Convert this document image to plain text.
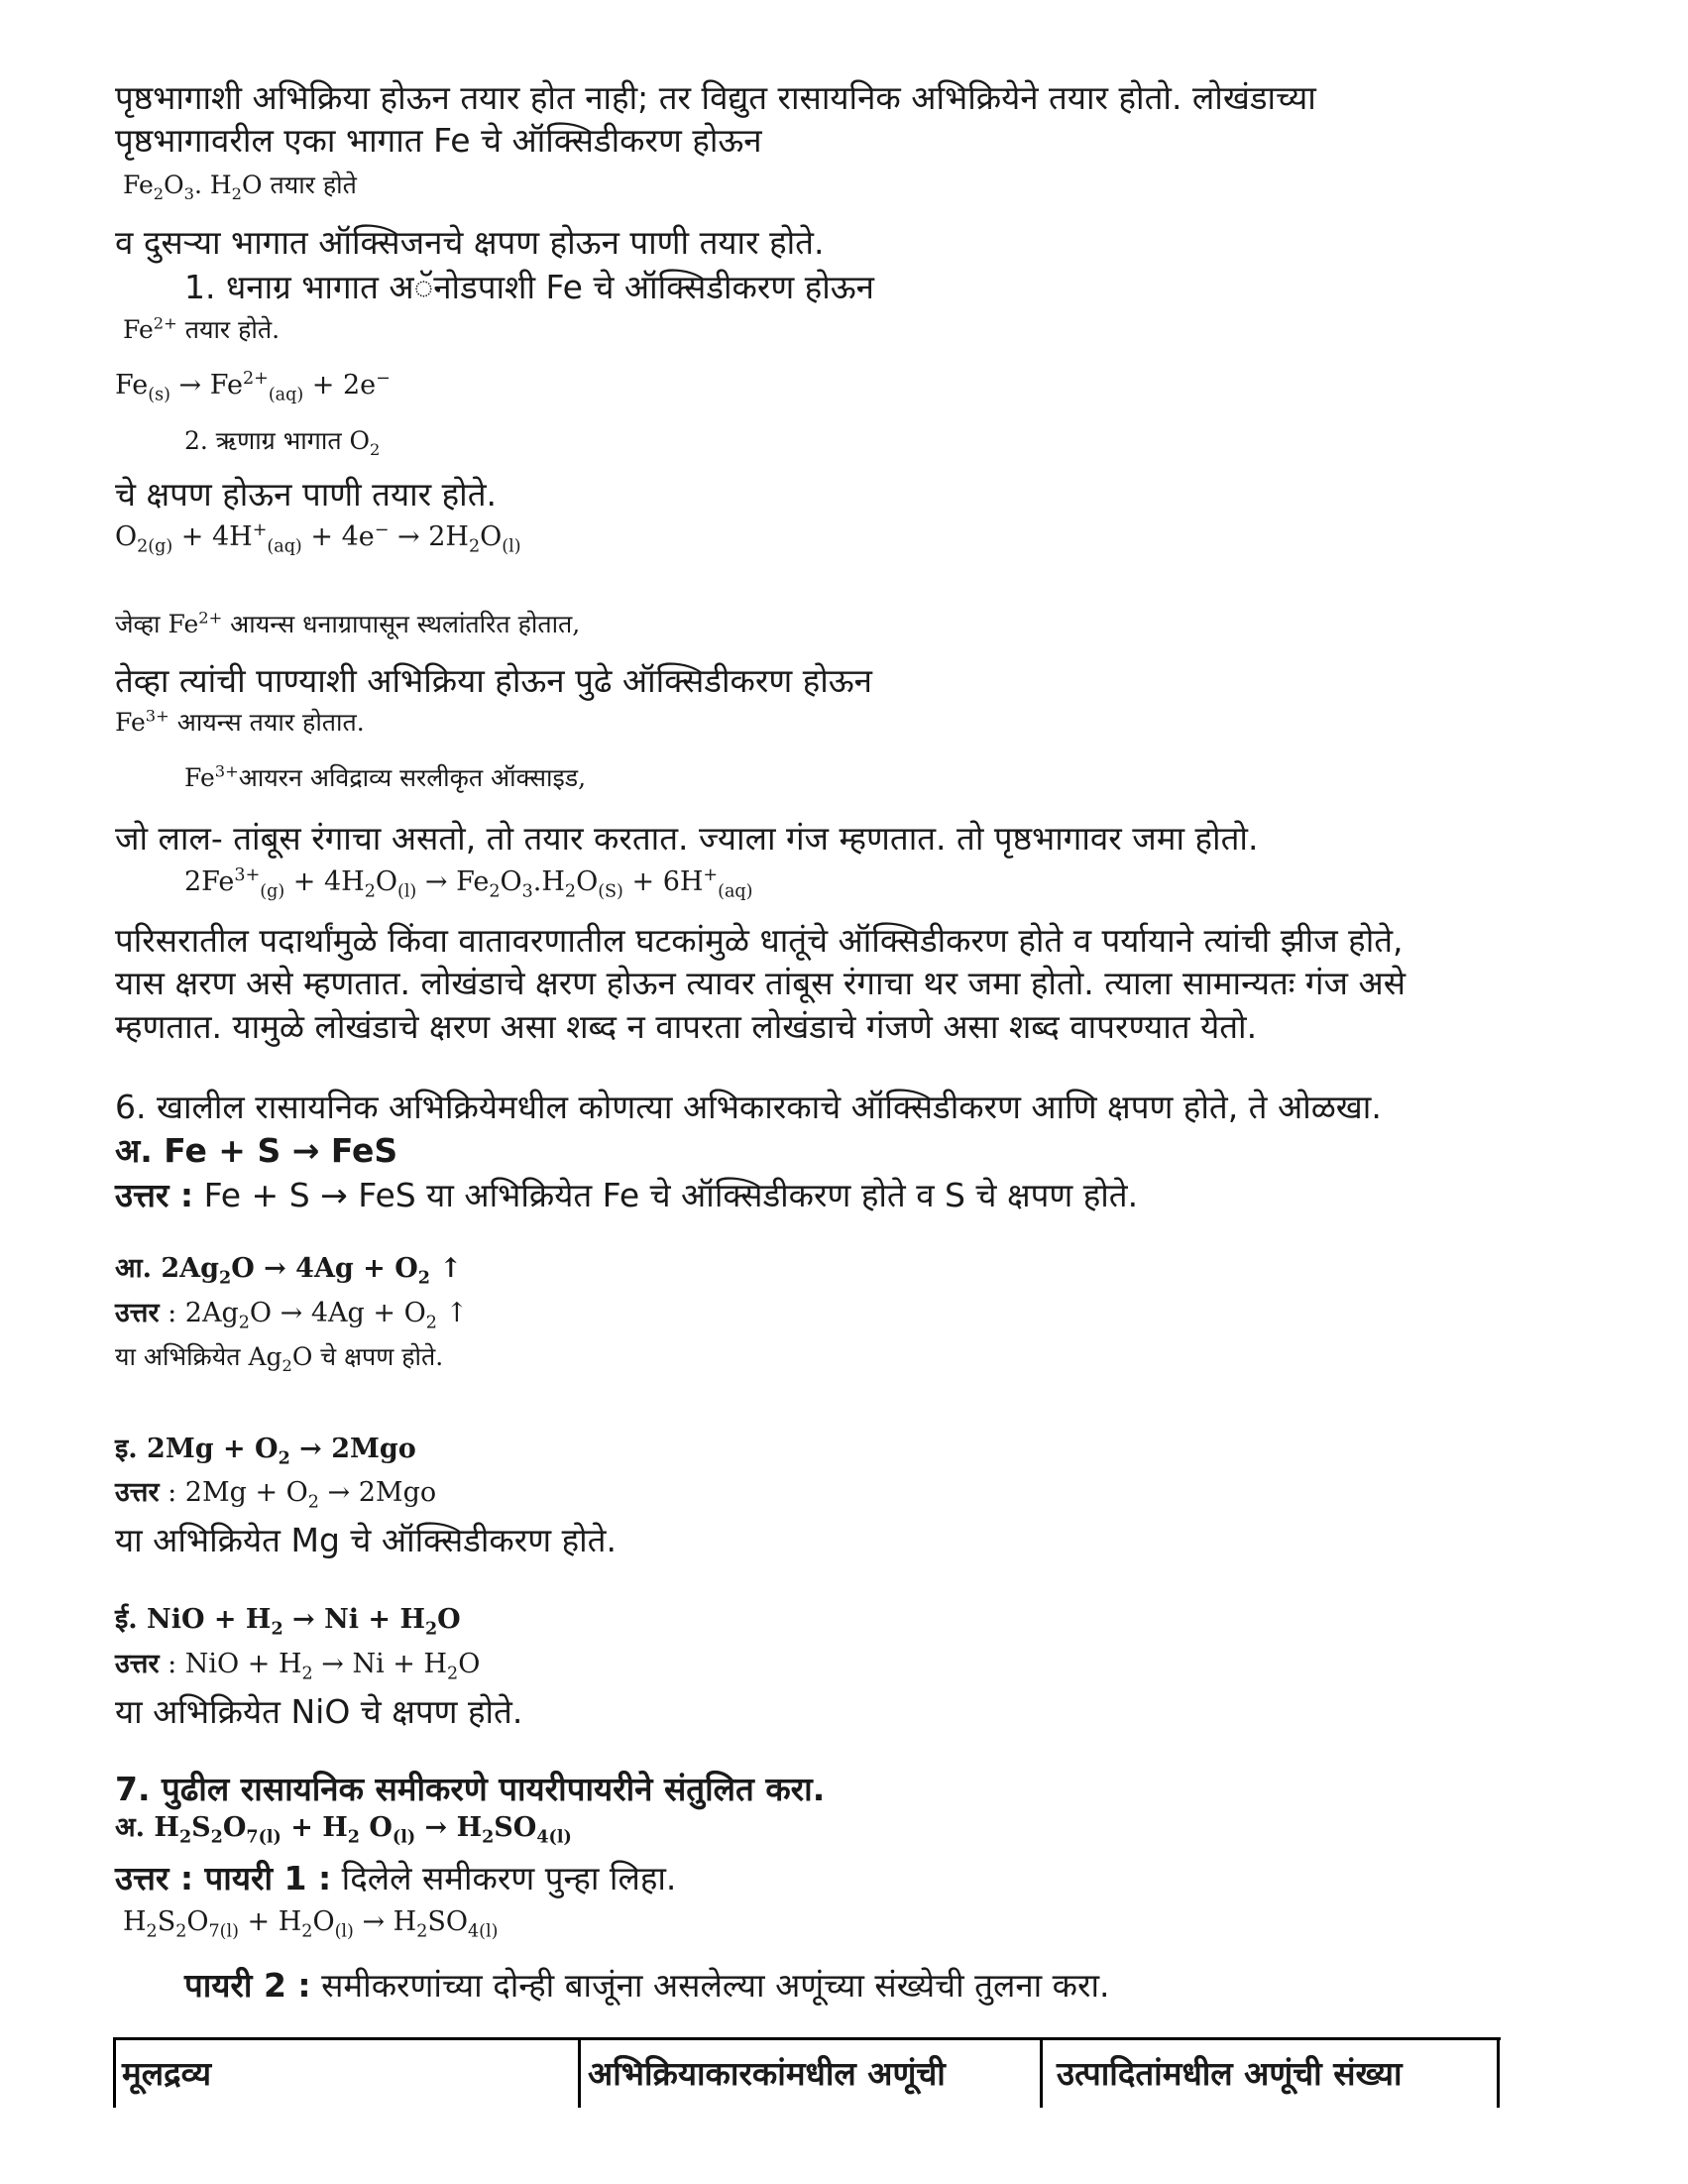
पृष्ठभागाशी अभिक्रिया होऊन तयार होत नाही; तर विद्युत रासायनिक अभिक्रियेने तयार होतो. लोखंडाच्या
पृष्ठभागावरील एका भागात Fe चे ऑक्सिडीकरण होऊन
$Fe_2O_3$. $H_2O$ तयार होते
व दुसऱ्या भागात ऑक्सिजनचे क्षपण होऊन पाणी तयार होते.
1. धनाग्र भागात अॅनोडपाशी Fe चे ऑक्सिडीकरण होऊन
$Fe^{2+}$ तयार होते.
$Fe_{(s)} \to Fe^{2+}_{(aq)} + 2e^-$
2. ऋणाग्र भागात $O_2$
चे क्षपण होऊन पाणी तयार होते.
$O_{2(g)} + 4H^+_{(aq)} + 4e^- \to 2H_2O_{(l)}$
जेव्हा $Fe^{2+}$ आयन्स धनाग्रापासून स्थलांतरित होतात,
तेव्हा त्यांची पाण्याशी अभिक्रिया होऊन पुढे ऑक्सिडीकरण होऊन
$Fe^{3+}$ आयन्स तयार होतात.
$Fe^{3+}आयरन$ अविद्राव्य सरलीकृत ऑक्साइड,
जो लाल- तांबूस रंगाचा असतो, तो तयार करतात. ज्याला गंज म्हणतात. तो पृष्ठभागावर जमा होतो.
$2Fe^{3+}_{(g)} + 4H_2O_{(l)} \to Fe_2O_3.H_2O_{(S)} + 6H^+_{(aq)}$
परिसरातील पदार्थांमुळे किंवा वातावरणातील घटकांमुळे धातूंचे ऑक्सिडीकरण होते व पर्यायाने त्यांची झीज होते,
यास क्षरण असे म्हणतात. लोखंडाचे क्षरण होऊन त्यावर तांबूस रंगाचा थर जमा होतो. त्याला सामान्यतः गंज असे
म्हणतात. यामुळे लोखंडाचे क्षरण असा शब्द न वापरता लोखंडाचे गंजणे असा शब्द वापरण्यात येतो.
6. खालील रासायनिक अभिक्रियेमधील कोणत्या अभिकारकाचे ऑक्सिडीकरण आणि क्षपण होते, ते ओळखा.
अ. Fe + S → FeS
उत्तर : Fe + S → FeS या अभिक्रियेत Fe चे ऑक्सिडीकरण होते व S चे क्षपण होते.
आ. $2Ag_2O \to 4Ag + O_2$ ↑
उत्तर : $2Ag_2O \to 4Ag + O_2$ ↑
या अभिक्रियेत $Ag_2O$ चे क्षपण होते.
इ. $2Mg + O_2 \to 2Mgo$
उत्तर : $2Mg + O_2 \to 2Mgo$
या अभिक्रियेत Mg चे ऑक्सिडीकरण होते.
ई. NiO + $H_2 \to Ni + H_2O$
उत्तर : NiO + $H_2 \to Ni + H_2O$
या अभिक्रियेत NiO चे क्षपण होते.
7. पुढील रासायनिक समीकरणे पायरीपायरीने संतुलित करा.
अ. $H_2S_2O_{7(l)} + H_2$ $O_{(l)} \to H_2SO_{4(l)}$
उत्तर : पायरी 1 : दिलेले समीकरण पुन्हा लिहा.
$H_2S_2O_{7(l)} + H_2O_{(l)} \to H_2SO_{4(l)}$
पायरी 2 : समीकरणांच्या दोन्ही बाजूंना असलेल्या अणूंच्या संख्येची तुलना करा.
मूलद्रव्य	अभिक्रियाकारकांमधील अणूंची	उत्पादितांमधील अणूंची संख्या
